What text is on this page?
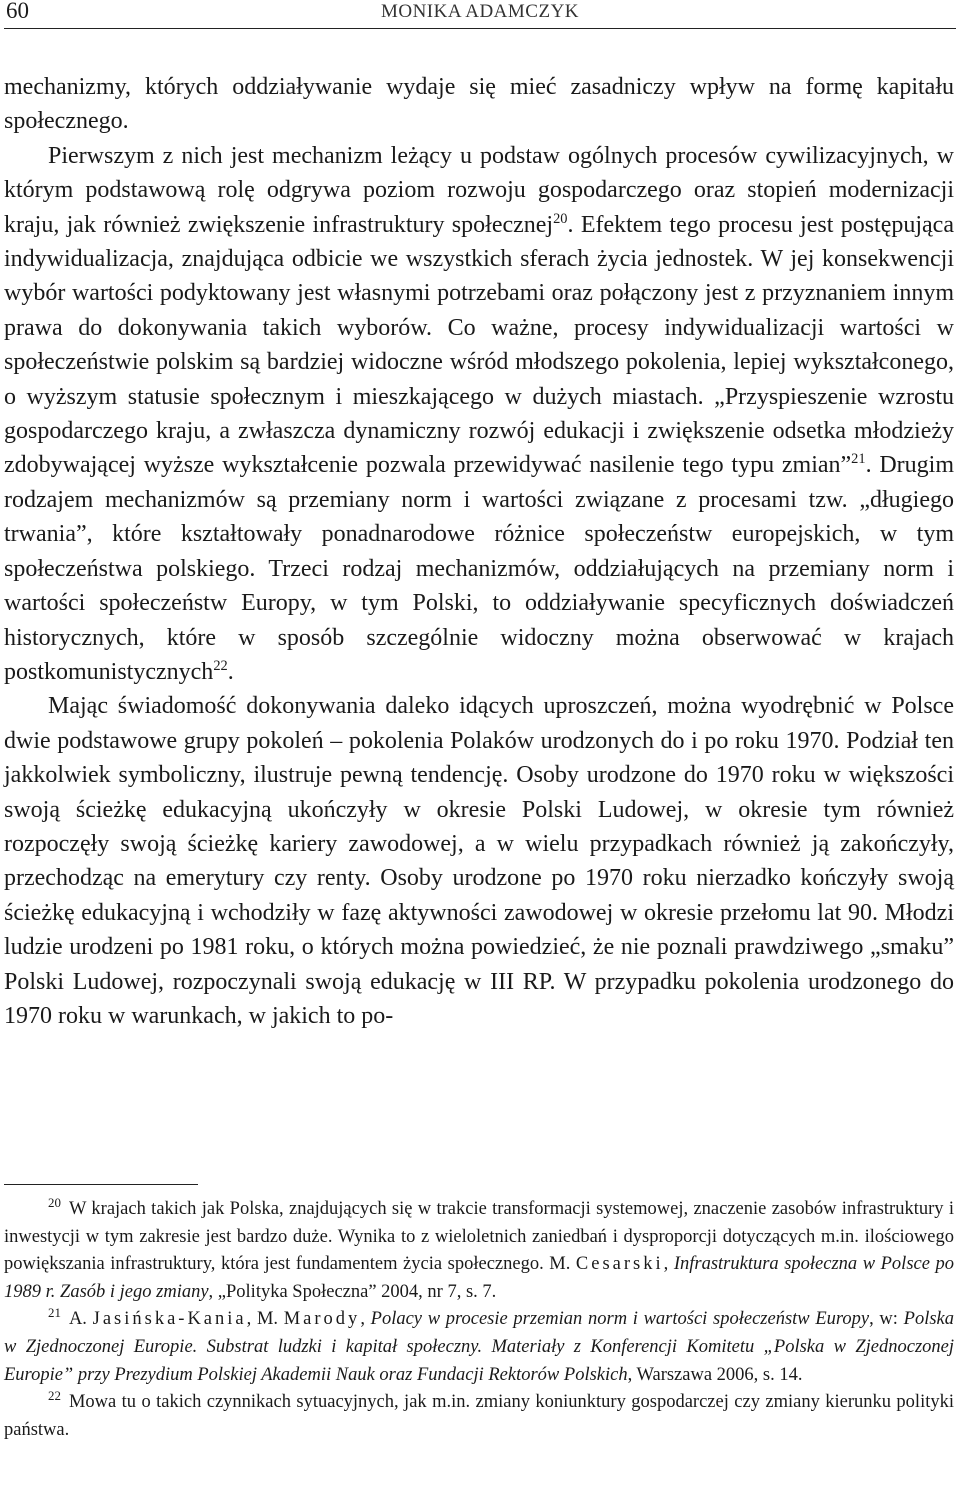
60	MONIKA ADAMCZYK

mechanizmy, których oddziaływanie wydaje się mieć zasadniczy wpływ na formę kapitału społecznego.

Pierwszym z nich jest mechanizm leżący u podstaw ogólnych procesów cywilizacyjnych, w którym podstawową rolę odgrywa poziom rozwoju gospodarczego oraz stopień modernizacji kraju, jak również zwiększenie infrastruktury społecznej$^{20}$. Efektem tego procesu jest postępująca indywidualizacja, znajdująca odbicie we wszystkich sferach życia jednostek. W jej konsekwencji wybór wartości podyktowany jest własnymi potrzebami oraz połączony jest z przyznaniem innym prawa do dokonywania takich wyborów. Co ważne, procesy indywidualizacji wartości w społeczeństwie polskim są bardziej widoczne wśród młodszego pokolenia, lepiej wykształconego, o wyższym statusie społecznym i mieszkającego w dużych miastach. „Przyspieszenie wzrostu gospodarczego kraju, a zwłaszcza dynamiczny rozwój edukacji i zwiększenie odsetka młodzieży zdobywającej wyższe wykształcenie pozwala przewidywać nasilenie tego typu zmian”$^{21}$. Drugim rodzajem mechanizmów są przemiany norm i wartości związane z procesami tzw. „długiego trwania”, które kształtowały ponadnarodowe różnice społeczeństw europejskich, w tym społeczeństwa polskiego. Trzeci rodzaj mechanizmów, oddziałujących na przemiany norm i wartości społeczeństw Europy, w tym Polski, to oddziaływanie specyficznych doświadczeń historycznych, które w sposób szczególnie widoczny można obserwować w krajach postkomunistycznych$^{22}$.

Mając świadomość dokonywania daleko idących uproszczeń, można wyodrębnić w Polsce dwie podstawowe grupy pokoleń – pokolenia Polaków urodzonych do i po roku 1970. Podział ten jakkolwiek symboliczny, ilustruje pewną tendencję. Osoby urodzone do 1970 roku w większości swoją ścieżkę edukacyjną ukończyły w okresie Polski Ludowej, w okresie tym również rozpoczęły swoją ścieżkę kariery zawodowej, a w wielu przypadkach również ją zakończyły, przechodząc na emerytury czy renty. Osoby urodzone po 1970 roku nierzadko kończyły swoją ścieżkę edukacyjną i wchodziły w fazę aktywności zawodowej w okresie przełomu lat 90. Młodzi ludzie urodzeni po 1981 roku, o których można powiedzieć, że nie poznali prawdziwego „smaku” Polski Ludowej, rozpoczynali swoją edukację w III RP. W przypadku pokolenia urodzonego do 1970 roku w warunkach, w jakich to po-

$^{20}$ W krajach takich jak Polska, znajdujących się w trakcie transformacji systemowej, znaczenie zasobów infrastruktury i inwestycji w tym zakresie jest bardzo duże. Wynika to z wieloletnich zaniedbań i dysproporcji dotyczących m.in. ilościowego powiększania infrastruktury, która jest fundamentem życia społecznego. M. Cesarski, Infrastruktura społeczna w Polsce po 1989 r. Zasób i jego zmiany, „Polityka Społeczna” 2004, nr 7, s. 7.

$^{21}$ A. Jasińska-Kania, M. Marody, Polacy w procesie przemian norm i wartości społeczeństw Europy, w: Polska w Zjednoczonej Europie. Substrat ludzki i kapitał społeczny. Materiały z Konferencji Komitetu „Polska w Zjednoczonej Europie” przy Prezydium Polskiej Akademii Nauk oraz Fundacji Rektorów Polskich, Warszawa 2006, s. 14.

$^{22}$ Mowa tu o takich czynnikach sytuacyjnych, jak m.in. zmiany koniunktury gospodarczej czy zmiany kierunku polityki państwa.
